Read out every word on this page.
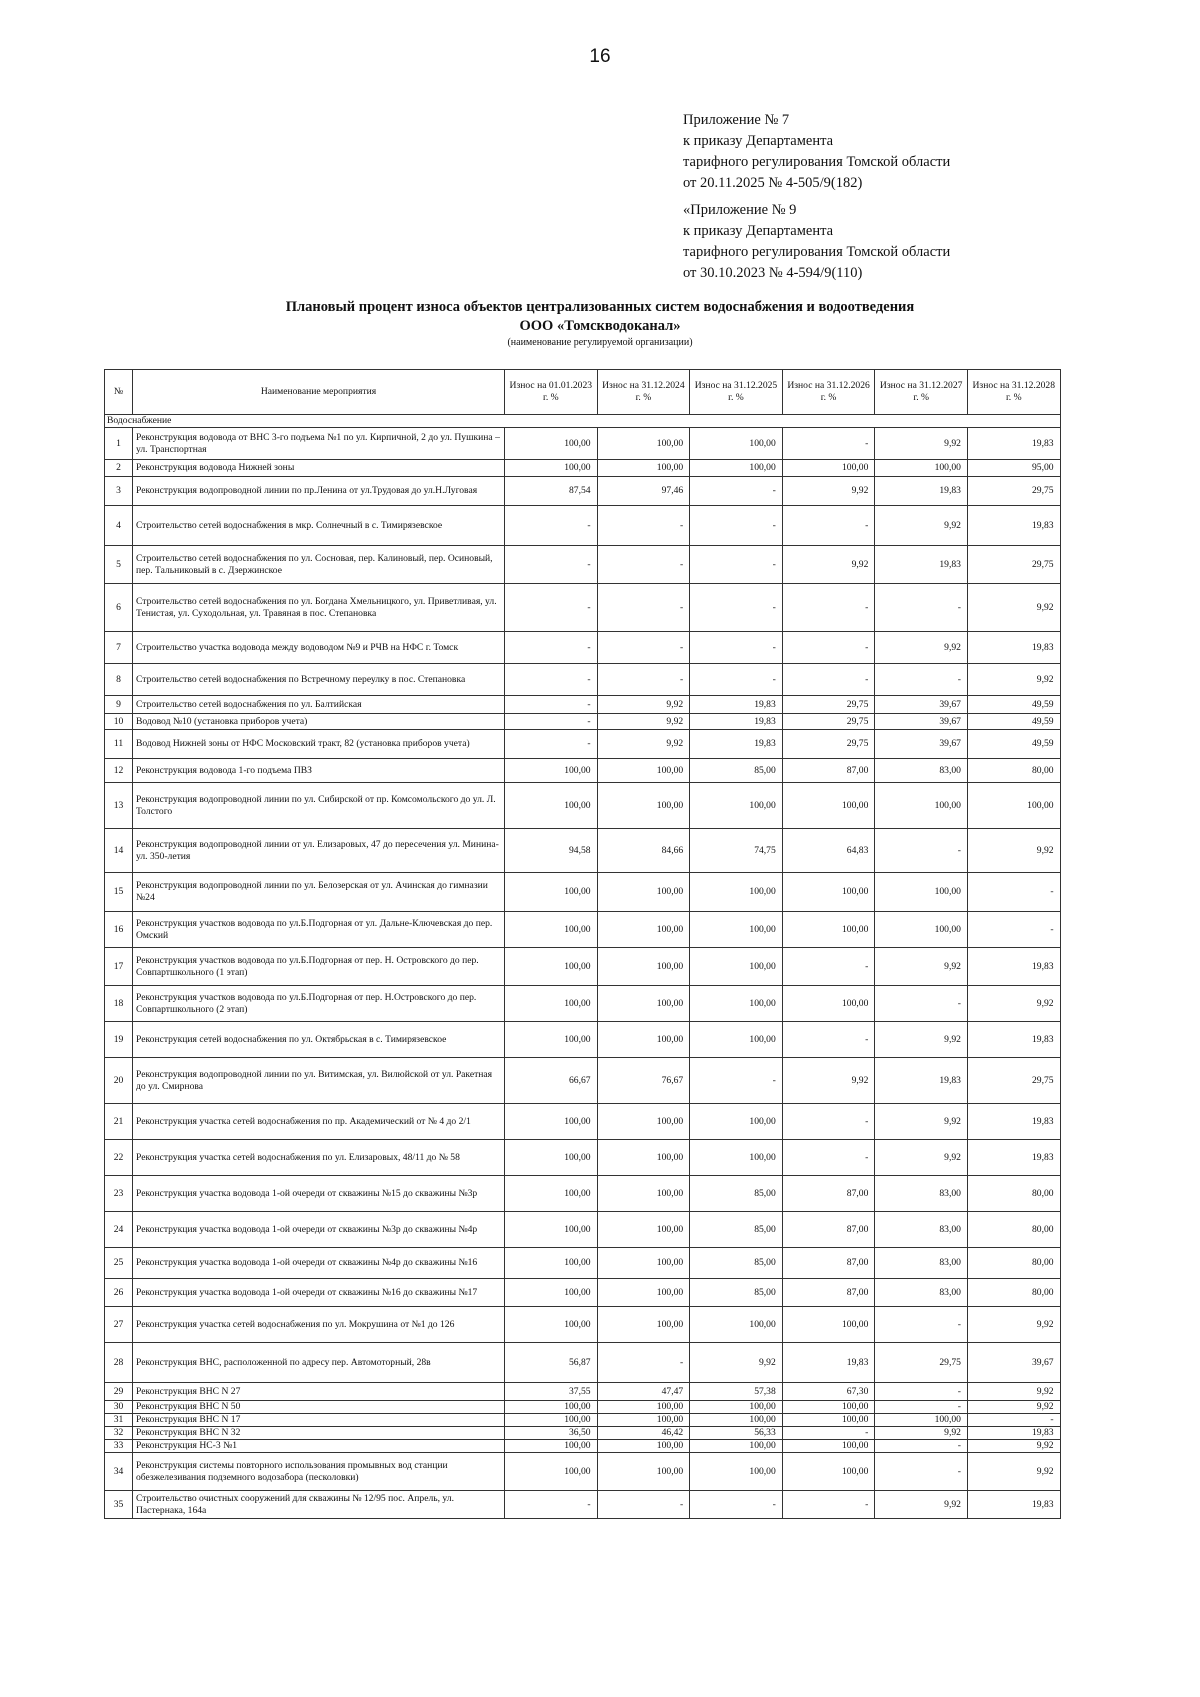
16
Приложение № 7
к приказу Департамента
тарифного регулирования Томской области
от 20.11.2025 № 4-505/9(182)
«Приложение № 9
к приказу Департамента
тарифного регулирования Томской области
от 30.10.2023 № 4-594/9(110)
Плановый процент износа объектов централизованных систем водоснабжения и водоотведения
ООО «Томскводоканал»
(наименование регулируемой организации)
№	Наименование мероприятия	Износ на 01.01.2023 г. %	Износ на 31.12.2024 г. %	Износ на 31.12.2025 г. %	Износ на 31.12.2026 г. %	Износ на 31.12.2027 г. %	Износ на 31.12.2028 г. %
Водоснабжение							
1	Реконструкция водовода от ВНС 3-го подъема №1 по ул. Кирпичной, 2 до ул. Пушкина – ул. Транспортная	100,00	100,00	100,00	-	9,92	19,83
2	Реконструкция водовода Нижней зоны	100,00	100,00	100,00	100,00	100,00	95,00
3	Реконструкция водопроводной линии по пр.Ленина от ул.Трудовая до ул.Н.Луговая	87,54	97,46	-	9,92	19,83	29,75
4	Строительство сетей водоснабжения в мкр. Солнечный в с. Тимирязевское	-	-	-	-	9,92	19,83
5	Строительство сетей водоснабжения по ул. Сосновая, пер. Калиновый, пер. Осиновый, пер. Тальниковый в с. Дзержинское	-	-	-	9,92	19,83	29,75
6	Строительство сетей водоснабжения по ул. Богдана Хмельницкого, ул. Приветливая, ул. Тенистая, ул. Суходольная, ул. Травяная в пос. Степановка	-	-	-	-	-	9,92
7	Строительство участка водовода между водоводом №9 и РЧВ на НФС г. Томск	-	-	-	-	9,92	19,83
8	Строительство сетей водоснабжения по Встречному переулку в пос. Степановка	-	-	-	-	-	9,92
9	Строительство сетей водоснабжения по ул. Балтийская	-	9,92	19,83	29,75	39,67	49,59
10	Водовод №10 (установка приборов учета)	-	9,92	19,83	29,75	39,67	49,59
11	Водовод Нижней зоны от НФС Московский тракт, 82 (установка приборов учета)	-	9,92	19,83	29,75	39,67	49,59
12	Реконструкция водовода 1-го подъема ПВЗ	100,00	100,00	85,00	87,00	83,00	80,00
13	Реконструкция водопроводной линии по ул. Сибирской от пр. Комсомольского до ул. Л. Толстого	100,00	100,00	100,00	100,00	100,00	100,00
14	Реконструкция водопроводной линии от ул. Елизаровых, 47 до пересечения ул. Минина-ул. 350-летия	94,58	84,66	74,75	64,83	-	9,92
15	Реконструкция водопроводной линии по ул. Белозерская от ул. Ачинская до гимназии №24	100,00	100,00	100,00	100,00	100,00	-
16	Реконструкция участков водовода по ул.Б.Подгорная от ул. Дальне-Ключевская до пер. Омский	100,00	100,00	100,00	100,00	100,00	-
17	Реконструкция участков водовода по ул.Б.Подгорная от пер. Н. Островского до пер. Совпартшкольного (1 этап)	100,00	100,00	100,00	-	9,92	19,83
18	Реконструкция участков водовода по ул.Б.Подгорная от пер. Н.Островского до пер. Совпартшкольного (2 этап)	100,00	100,00	100,00	100,00	-	9,92
19	Реконструкция сетей водоснабжения по ул. Октябрьская в с. Тимирязевское	100,00	100,00	100,00	-	9,92	19,83
20	Реконструкция водопроводной линии по ул. Витимская, ул. Вилюйской от ул. Ракетная до ул. Смирнова	66,67	76,67	-	9,92	19,83	29,75
21	Реконструкция участка сетей водоснабжения по пр. Академический от № 4 до 2/1	100,00	100,00	100,00	-	9,92	19,83
22	Реконструкция участка сетей водоснабжения по ул. Елизаровых, 48/11 до № 58	100,00	100,00	100,00	-	9,92	19,83
23	Реконструкция участка водовода 1-ой очереди от скважины №15 до скважины №3р	100,00	100,00	85,00	87,00	83,00	80,00
24	Реконструкция участка водовода 1-ой очереди от скважины №3р до скважины №4р	100,00	100,00	85,00	87,00	83,00	80,00
25	Реконструкция участка водовода 1-ой очереди от скважины №4р до скважины №16	100,00	100,00	85,00	87,00	83,00	80,00
26	Реконструкция участка водовода 1-ой очереди от скважины №16 до скважины №17	100,00	100,00	85,00	87,00	83,00	80,00
27	Реконструкция участка сетей водоснабжения по ул. Мокрушина от №1 до 126	100,00	100,00	100,00	100,00	-	9,92
28	Реконструкция ВНС, расположенной по адресу пер. Автомоторный, 28в	56,87	-	9,92	19,83	29,75	39,67
29	Реконструкция ВНС N 27	37,55	47,47	57,38	67,30	-	9,92
30	Реконструкция ВНС N 50	100,00	100,00	100,00	100,00	-	9,92
31	Реконструкция ВНС N 17	100,00	100,00	100,00	100,00	100,00	-
32	Реконструкция ВНС N 32	36,50	46,42	56,33	-	9,92	19,83
33	Реконструкция НС-3 №1	100,00	100,00	100,00	100,00	-	9,92
34	Реконструкция системы повторного использования промывных вод станции обезжелезивания подземного водозабора (песколовки)	100,00	100,00	100,00	100,00	-	9,92
35	Строительство очистных сооружений для скважины № 12/95 пос. Апрель, ул. Пастернака, 164а	-	-	-	-	9,92	19,83
